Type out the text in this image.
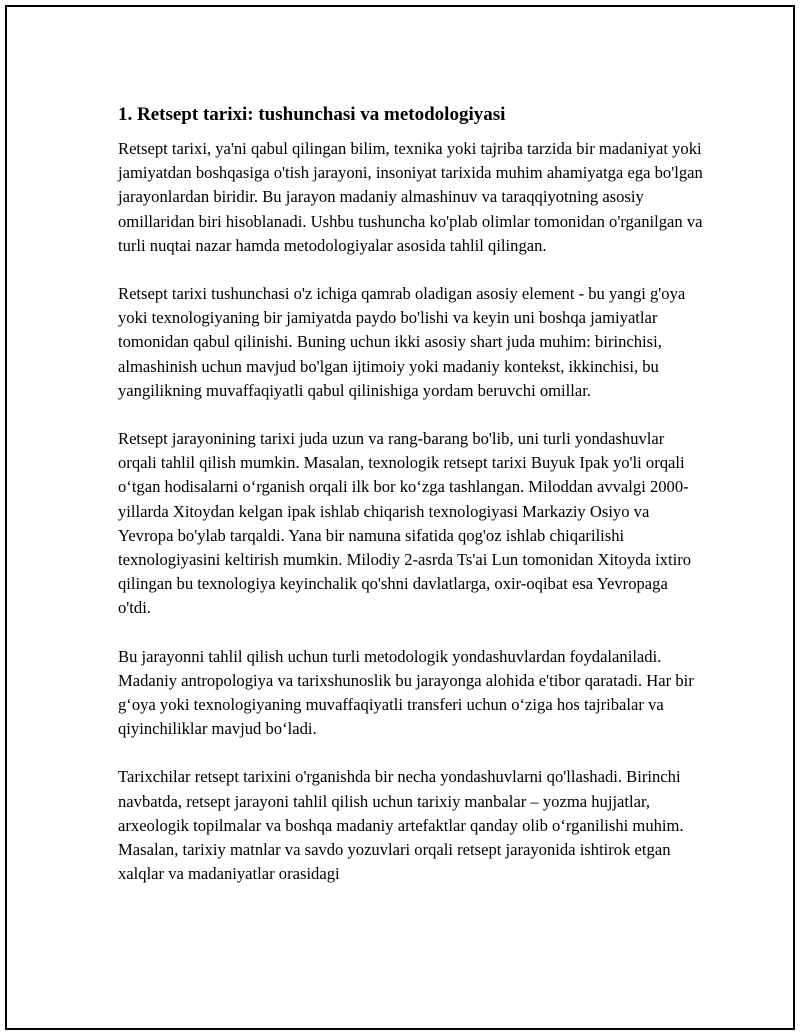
1. Retsept tarixi: tushunchasi va metodologiyasi

Retsept tarixi, ya'ni qabul qilingan bilim, texnika yoki tajriba tarzida bir madaniyat yoki jamiyatdan boshqasiga o'tish jarayoni, insoniyat tarixida muhim ahamiyatga ega bo'lgan jarayonlardan biridir. Bu jarayon madaniy almashinuv va taraqqiyotning asosiy omillaridan biri hisoblanadi. Ushbu tushuncha ko'plab olimlar tomonidan o'rganilgan va turli nuqtai nazar hamda metodologiyalar asosida tahlil qilingan.

Retsept tarixi tushunchasi o'z ichiga qamrab oladigan asosiy element - bu yangi g'oya yoki texnologiyaning bir jamiyatda paydo bo'lishi va keyin uni boshqa jamiyatlar tomonidan qabul qilinishi. Buning uchun ikki asosiy shart juda muhim: birinchisi, almashinish uchun mavjud bo'lgan ijtimoiy yoki madaniy kontekst, ikkinchisi, bu yangilikning muvaffaqiyatli qabul qilinishiga yordam beruvchi omillar.

Retsept jarayonining tarixi juda uzun va rang-barang bo'lib, uni turli yondashuvlar orqali tahlil qilish mumkin. Masalan, texnologik retsept tarixi Buyuk Ipak yo'li orqali o‘tgan hodisalarni o‘rganish orqali ilk bor ko‘zga tashlangan. Miloddan avvalgi 2000-yillarda Xitoydan kelgan ipak ishlab chiqarish texnologiyasi Markaziy Osiyo va Yevropa bo'ylab tarqaldi. Yana bir namuna sifatida qog'oz ishlab chiqarilishi texnologiyasini keltirish mumkin. Milodiy 2-asrda Ts'ai Lun tomonidan Xitoyda ixtiro qilingan bu texnologiya keyinchalik qo'shni davlatlarga, oxir-oqibat esa Yevropaga o'tdi.

Bu jarayonni tahlil qilish uchun turli metodologik yondashuvlardan foydalaniladi. Madaniy antropologiya va tarixshunoslik bu jarayonga alohida e'tibor qaratadi. Har bir g‘oya yoki texnologiyaning muvaffaqiyatli transferi uchun o‘ziga hos tajribalar va qiyinchiliklar mavjud bo‘ladi.

Tarixchilar retsept tarixini o'rganishda bir necha yondashuvlarni qo'llashadi. Birinchi navbatda, retsept jarayoni tahlil qilish uchun tarixiy manbalar – yozma hujjatlar, arxeologik topilmalar va boshqa madaniy artefaktlar qanday olib o‘rganilishi muhim. Masalan, tarixiy matnlar va savdo yozuvlari orqali retsept jarayonida ishtirok etgan xalqlar va madaniyatlar orasidagi
